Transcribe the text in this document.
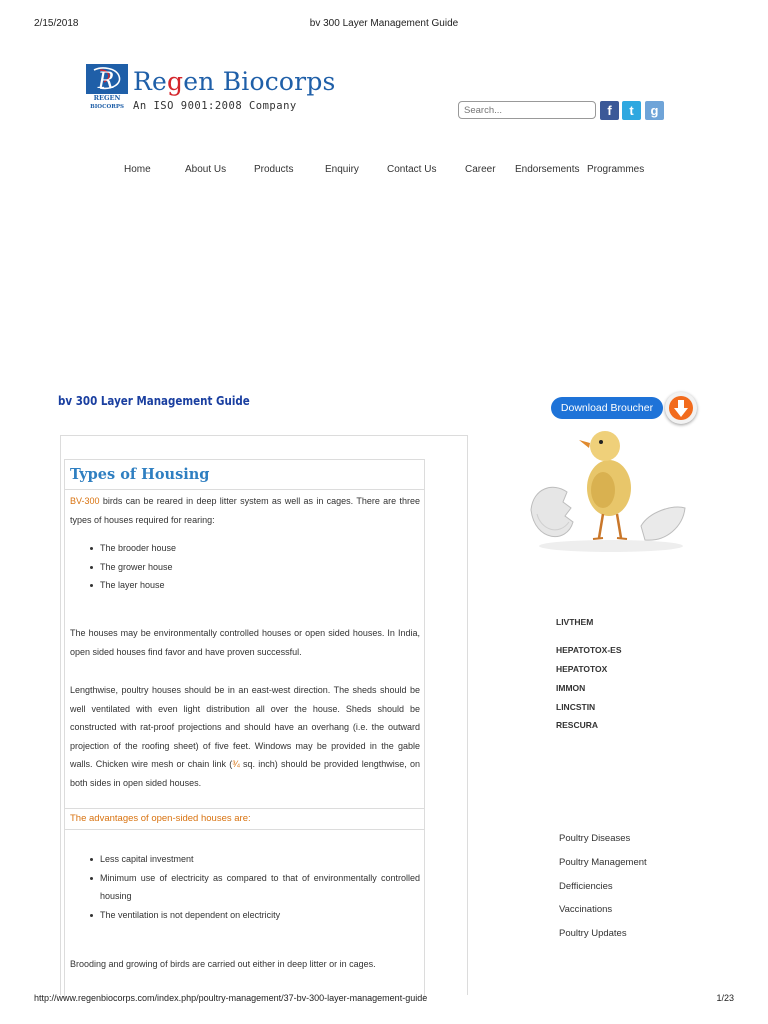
2/15/2018	bv 300 Layer Management Guide
R
REGEN
BIOCORPS
Regen Biocorps
An ISO 9001:2008 Company
Search...	f	t	g
Home	About Us	Products	Enquiry	Contact Us	Career Endorsements Programmes
bv 300 Layer Management Guide	Download Broucher
Types of Housing

BV-300 birds can be reared in deep litter system as well as in cages. There are three types of houses required for rearing:

The brooder house
The grower house
The layer house

The houses may be environmentally controlled houses or open sided houses. In India, open sided houses find favor and have proven successful.

Lengthwise, poultry houses should be in an east-west direction. The sheds should be well ventilated with even light distribution all over the house. Sheds should be constructed with rat-proof projections and should have an overhang (i.e. the outward projection of the roofing sheet) of five feet. Windows may be provided in the gable walls. Chicken wire mesh or chain link (¾ sq. inch) should be provided lengthwise, on both sides in open sided houses.

The advantages of open-sided houses are:
Less capital investment
Minimum use of electricity as compared to that of environmentally controlled housing
The ventilation is not dependent on electricity

Brooding and growing of birds are carried out either in deep litter or in cages.

LIVTHEM
HEPATOTOX-ES
HEPATOTOX
IMMON
LINCSTIN
RESCURA
Poultry Diseases
Poultry Management
Defficiencies
Vaccinations
Poultry Updates
http://www.regenbiocorps.com/index.php/poultry-management/37-bv-300-layer-management-guide	1/23
